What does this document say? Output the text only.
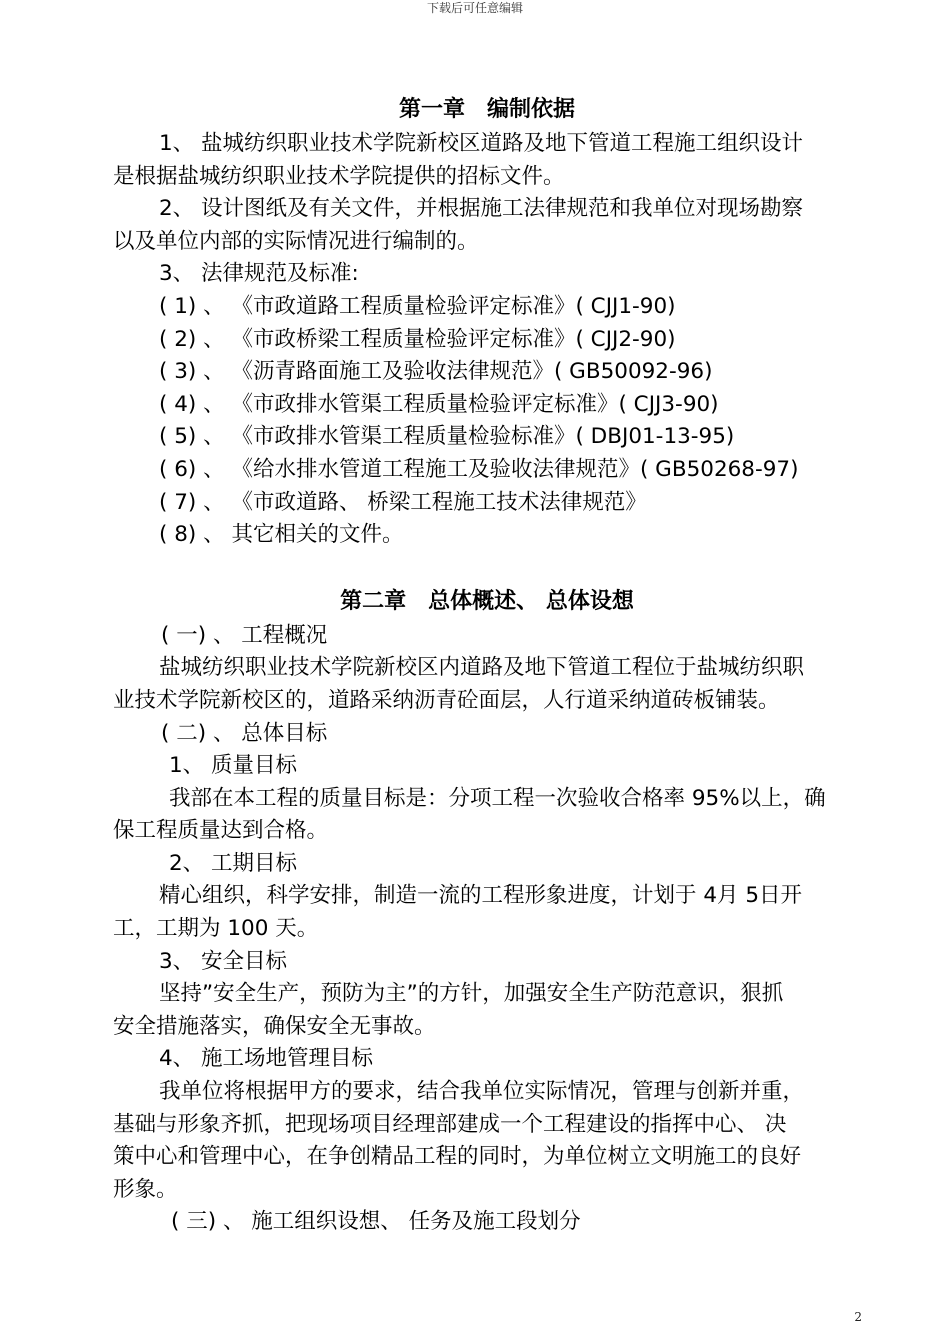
下载后可任意编辑
第一章　编制依据
1、 盐城纺织职业技术学院新校区道路及地下管道工程施工组织设计
是根据盐城纺织职业技术学院提供的招标文件。
2、 设计图纸及有关文件，并根据施工法律规范和我单位对现场勘察
以及单位内部的实际情况进行编制的。
3、 法律规范及标准:
( 1) 、 《市政道路工程质量检验评定标准》( CJJ1-90)
( 2) 、 《市政桥梁工程质量检验评定标准》( CJJ2-90)
( 3) 、 《沥青路面施工及验收法律规范》( GB50092-96)
( 4) 、 《市政排水管渠工程质量检验评定标准》( CJJ3-90)
( 5) 、 《市政排水管渠工程质量检验标准》( DBJ01-13-95)
( 6) 、 《给水排水管道工程施工及验收法律规范》( GB50268-97)
( 7) 、 《市政道路、 桥梁工程施工技术法律规范》
( 8) 、 其它相关的文件。
第二章　总体概述、 总体设想
( 一) 、 工程概况
盐城纺织职业技术学院新校区内道路及地下管道工程位于盐城纺织职
业技术学院新校区的，道路采纳沥青砼面层，人行道采纳道砖板铺装。
( 二) 、 总体目标
1、 质量目标
我部在本工程的质量目标是：分项工程一次验收合格率 95%以上，确
保工程质量达到合格。
2、 工期目标
精心组织，科学安排，制造一流的工程形象进度，计划于 4月 5日开
工，工期为 100 天。
3、 安全目标
坚持”安全生产，预防为主”的方针，加强安全生产防范意识，狠抓
安全措施落实，确保安全无事故。
4、 施工场地管理目标
我单位将根据甲方的要求，结合我单位实际情况，管理与创新并重，
基础与形象齐抓，把现场项目经理部建成一个工程建设的指挥中心、 决
策中心和管理中心，在争创精品工程的同时，为单位树立文明施工的良好
形象。
( 三) 、 施工组织设想、 任务及施工段划分
2
